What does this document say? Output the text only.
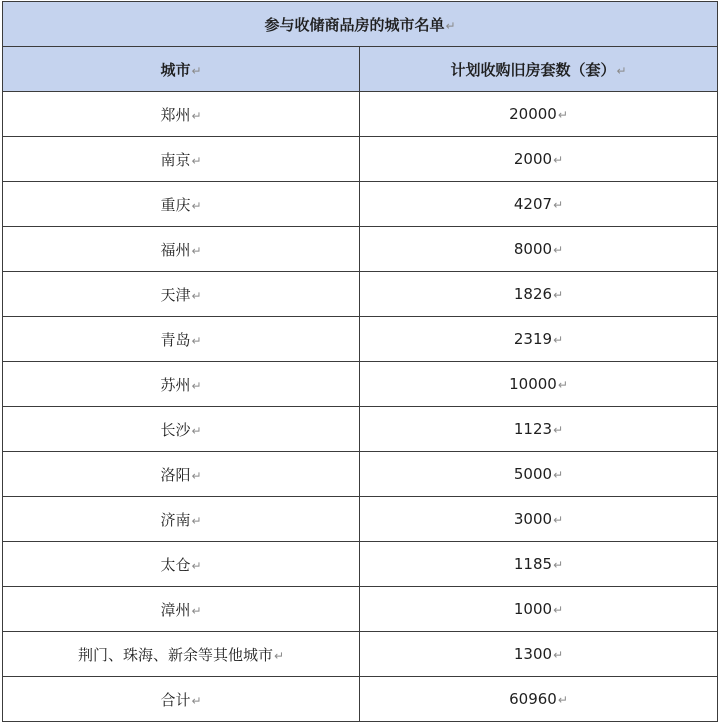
参与收储商品房的城市名单↵	
城市↵	计划收购旧房套数（套）↵
郑州↵	20000↵
南京↵	2000↵
重庆↵	4207↵
福州↵	8000↵
天津↵	1826↵
青岛↵	2319↵
苏州↵	10000↵
长沙↵	1123↵
洛阳↵	5000↵
济南↵	3000↵
太仓↵	1185↵
漳州↵	1000↵
荆门、珠海、新余等其他城市↵	1300↵
合计↵	60960↵
